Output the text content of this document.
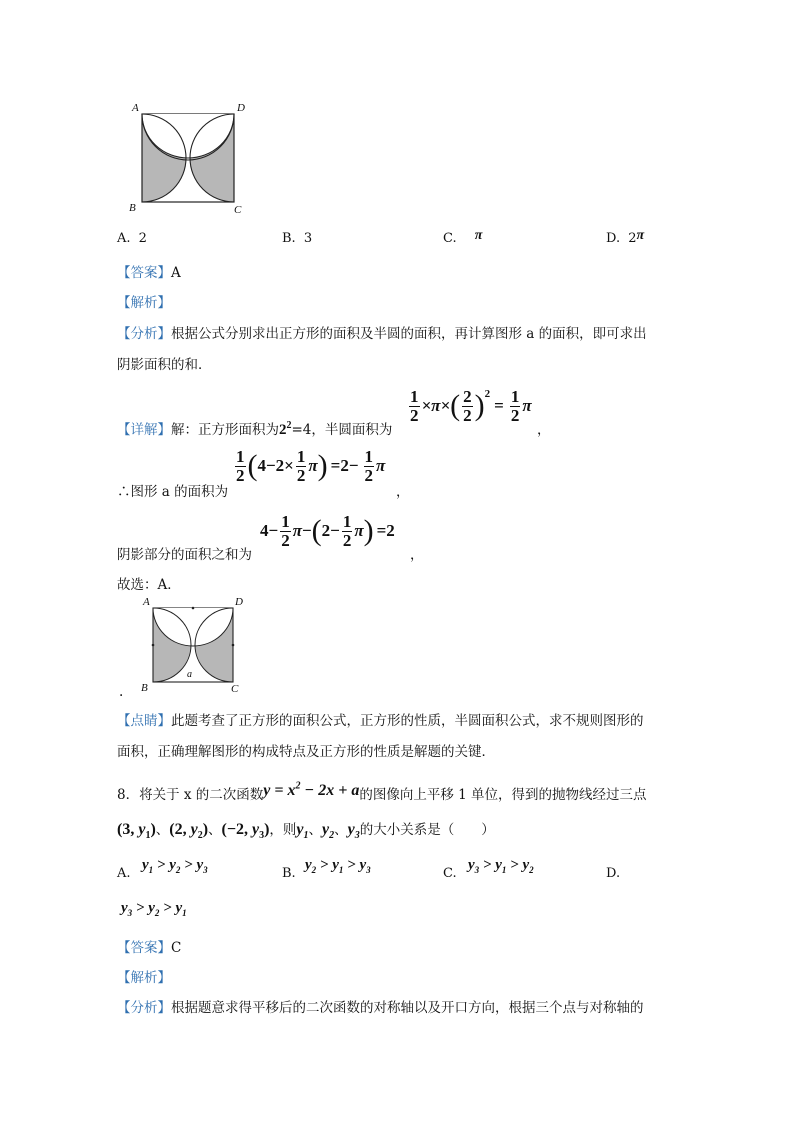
A	D
B	C
A. 2	B. 3	C. π	D. 2π
【答案】A
【解析】
【分析】根据公式分别求出正方形的面积及半圆的面积，再计算图形 a 的面积，即可求出
阴影面积的和．
【详解】解：正方形面积为$2^2=4$，半圆面积为
$\frac{1}{2} \times\pi\times$ ( $\frac{2}{2} )^2$
= $\frac{1}{2}$ π
，
∴图形 a 的面积为
$\frac{1}{2}$ ( $4-2\times \frac{1}{2}$ π ) $=2- \frac{1}{2}$ π
，
阴影部分的面积之和为
$4- \frac{1}{2}$ π − ( $2- \frac{1}{2}$ π ) =2
，
故选：A．
A	D
B	C
a
.
【点睛】此题考查了正方形的面积公式，正方形的性质，半圆面积公式，求不规则图形的
面积，正确理解图形的构成特点及正方形的性质是解题的关键．
8．将关于 x 的二次函数$y = x^2 - 2x + a$的图像向上平移 1 单位，得到的抛物线经过三点
(3, $y_1$)、(2, $y_2$)、(−2, $y_3$)，则$y_1$、$y_2$、$y_3$的大小关系是（　　）
A.
$y_1 > y_2 > y_3$	B.
$y_2 > y_1 > y_3$	C.
$y_3 > y_1 > y_2$	D.
$y_3 > y_2 > y_1$
【答案】C
【解析】
【分析】根据题意求得平移后的二次函数的对称轴以及开口方向，根据三个点与对称轴的
